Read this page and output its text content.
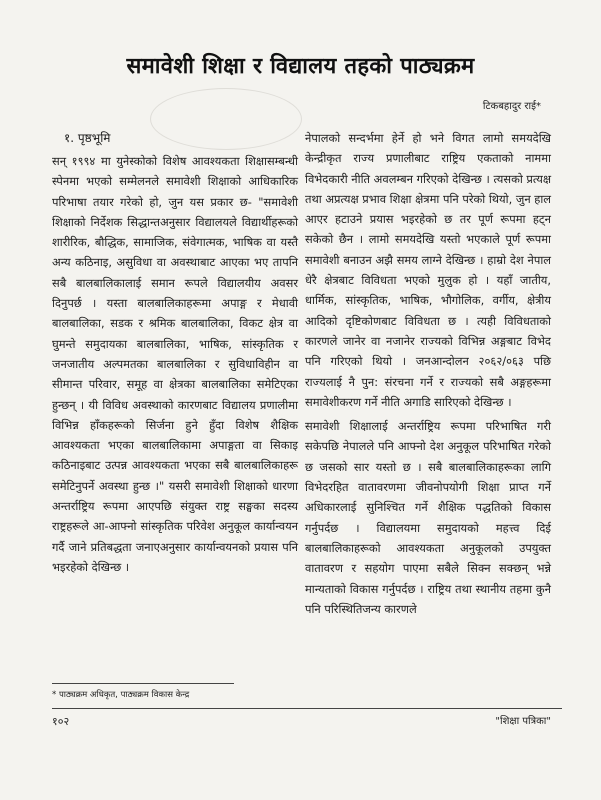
समावेशी शिक्षा र विद्यालय तहको पाठ्यक्रम
टिकबहादुर राई*
१. पृष्ठभूमि

सन् १९९४ मा युनेस्कोको विशेष आवश्यकता शिक्षासम्बन्धी स्पेनमा भएको सम्मेलनले समावेशी शिक्षाको आधिकारिक परिभाषा तयार गरेको हो, जुन यस प्रकार छ- "समावेशी शिक्षाको निर्देशक सिद्धान्तअनुसार विद्यालयले विद्यार्थीहरूको शारीरिक, बौद्धिक, सामाजिक, संवेगात्मक, भाषिक वा यस्तै अन्य कठिनाइ, असुविधा वा अवस्थाबाट आएका भए तापनि सबै बालबालिकालाई समान रूपले विद्यालयीय अवसर दिनुपर्छ । यस्ता बालबालिकाहरूमा अपाङ्ग र मेधावी बालबालिका, सडक र श्रमिक बालबालिका, विकट क्षेत्र वा घुमन्ते समुदायका बालबालिका, भाषिक, सांस्कृतिक र जनजातीय अल्पमतका बालबालिका र सुविधाविहीन वा सीमान्त परिवार, समूह वा क्षेत्रका बालबालिका समेटिएका हुन्छन् । यी विविध अवस्थाको कारणबाट विद्यालय प्रणालीमा विभिन्न हाँकहरूको सिर्जना हुने हुँदा विशेष शैक्षिक आवश्यकता भएका बालबालिकामा अपाङ्गता वा सिकाइ कठिनाइबाट उत्पन्न आवश्यकता भएका सबै बालबालिकाहरू समेटिनुपर्ने अवस्था हुन्छ ।" यसरी समावेशी शिक्षाको धारणा अन्तर्राष्ट्रिय रूपमा आएपछि संयुक्त राष्ट्र सङ्घका सदस्य राष्ट्रहरूले आ-आफ्नो सांस्कृतिक परिवेश अनुकूल कार्यान्वयन गर्दै जाने प्रतिबद्धता जनाएअनुसार कार्यान्वयनको प्रयास पनि भइरहेको देखिन्छ ।

नेपालको सन्दर्भमा हेर्ने हो भने विगत लामो समयदेखि केन्द्रीकृत राज्य प्रणालीबाट राष्ट्रिय एकताको नाममा विभेदकारी नीति अवलम्बन गरिएको देखिन्छ । त्यसको प्रत्यक्ष तथा अप्रत्यक्ष प्रभाव शिक्षा क्षेत्रमा पनि परेको थियो, जुन हाल आएर हटाउने प्रयास भइरहेको छ तर पूर्ण रूपमा हट्न सकेको छैन । लामो समयदेखि यस्तो भएकाले पूर्ण रूपमा समावेशी बनाउन अझै समय लाग्ने देखिन्छ । हाम्रो देश नेपाल धेरै क्षेत्रबाट विविधता भएको मुलुक हो । यहाँ जातीय, धार्मिक, सांस्कृतिक, भाषिक, भौगोलिक, वर्गीय, क्षेत्रीय आदिको दृष्टिकोणबाट विविधता छ । त्यही विविधताको कारणले जानेर वा नजानेर राज्यको विभिन्न अङ्गबाट विभेद पनि गरिएको थियो । जनआन्दोलन २०६२/०६३ पछि राज्यलाई नै पुन: संरचना गर्ने र राज्यको सबै अङ्गहरूमा समावेशीकरण गर्ने नीति अगाडि सारिएको देखिन्छ ।

समावेशी शिक्षालाई अन्तर्राष्ट्रिय रूपमा परिभाषित गरी सकेपछि नेपालले पनि आफ्नो देश अनुकूल परिभाषित गरेको छ जसको सार यस्तो छ । सबै बालबालिकाहरूका लागि विभेदरहित वातावरणमा जीवनोपयोगी शिक्षा प्राप्त गर्ने अधिकारलाई सुनिश्चित गर्ने शैक्षिक पद्धतिको विकास गर्नुपर्दछ । विद्यालयमा समुदायको महत्त्व दिई बालबालिकाहरूको आवश्यकता अनुकूलको उपयुक्त वातावरण र सहयोग पाएमा सबैले सिक्न सक्छन् भन्ने मान्यताको विकास गर्नुपर्दछ । राष्ट्रिय तथा स्थानीय तहमा कुनै पनि परिस्थितिजन्य कारणले

* पाठ्यक्रम अधिकृत, पाठ्यक्रम विकास केन्द्र
१०२	"शिक्षा पत्रिका"
